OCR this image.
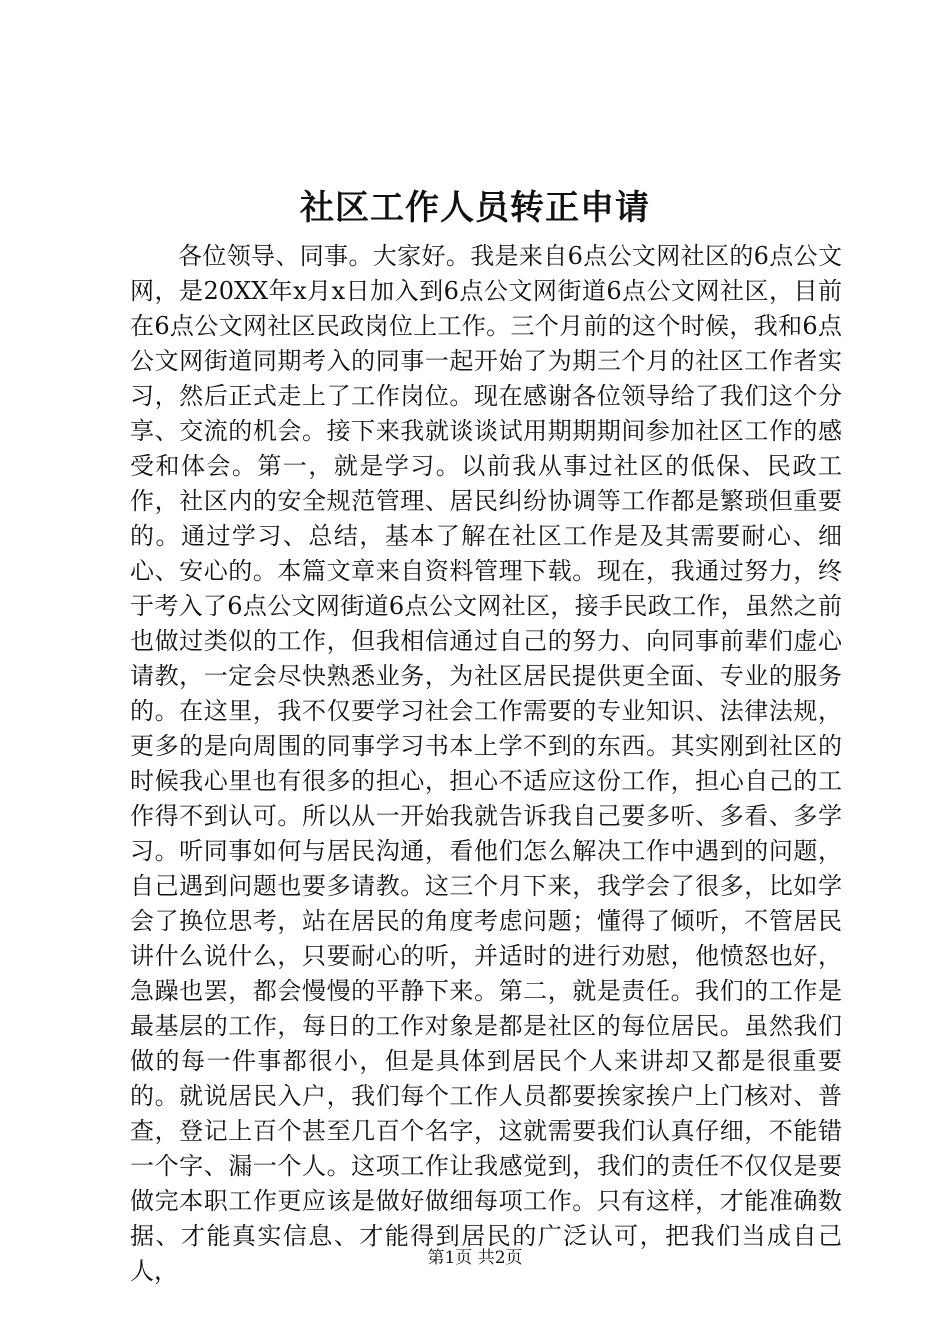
社区工作人员转正申请

各位领导、同事。大家好。我是来自6点公文网社区的6点公文网，是20XX年x月x日加入到6点公文网街道6点公文网社区，目前在6点公文网社区民政岗位上工作。三个月前的这个时候，我和6点公文网街道同期考入的同事一起开始了为期三个月的社区工作者实习，然后正式走上了工作岗位。现在感谢各位领导给了我们这个分享、交流的机会。接下来我就谈谈试用期期期间参加社区工作的感受和体会。第一，就是学习。以前我从事过社区的低保、民政工作，社区内的安全规范管理、居民纠纷协调等工作都是繁琐但重要的。通过学习、总结，基本了解在社区工作是及其需要耐心、细心、安心的。本篇文章来自资料管理下载。现在，我通过努力，终于考入了6点公文网街道6点公文网社区，接手民政工作，虽然之前也做过类似的工作，但我相信通过自己的努力、向同事前辈们虚心请教，一定会尽快熟悉业务，为社区居民提供更全面、专业的服务的。在这里，我不仅要学习社会工作需要的专业知识、法律法规，更多的是向周围的同事学习书本上学不到的东西。其实刚到社区的时候我心里也有很多的担心，担心不适应这份工作，担心自己的工作得不到认可。所以从一开始我就告诉我自己要多听、多看、多学习。听同事如何与居民沟通，看他们怎么解决工作中遇到的问题，自己遇到问题也要多请教。这三个月下来，我学会了很多，比如学会了换位思考，站在居民的角度考虑问题；懂得了倾听，不管居民讲什么说什么，只要耐心的听，并适时的进行劝慰，他愤怒也好，急躁也罢，都会慢慢的平静下来。第二，就是责任。我们的工作是最基层的工作，每日的工作对象是都是社区的每位居民。虽然我们做的每一件事都很小，但是具体到居民个人来讲却又都是很重要的。就说居民入户，我们每个工作人员都要挨家挨户上门核对、普查，登记上百个甚至几百个名字，这就需要我们认真仔细，不能错一个字、漏一个人。这项工作让我感觉到，我们的责任不仅仅是要做完本职工作更应该是做好做细每项工作。只有这样，才能准确数据、才能真实信息、才能得到居民的广泛认可，把我们当成自己人，	第1页 共2页
